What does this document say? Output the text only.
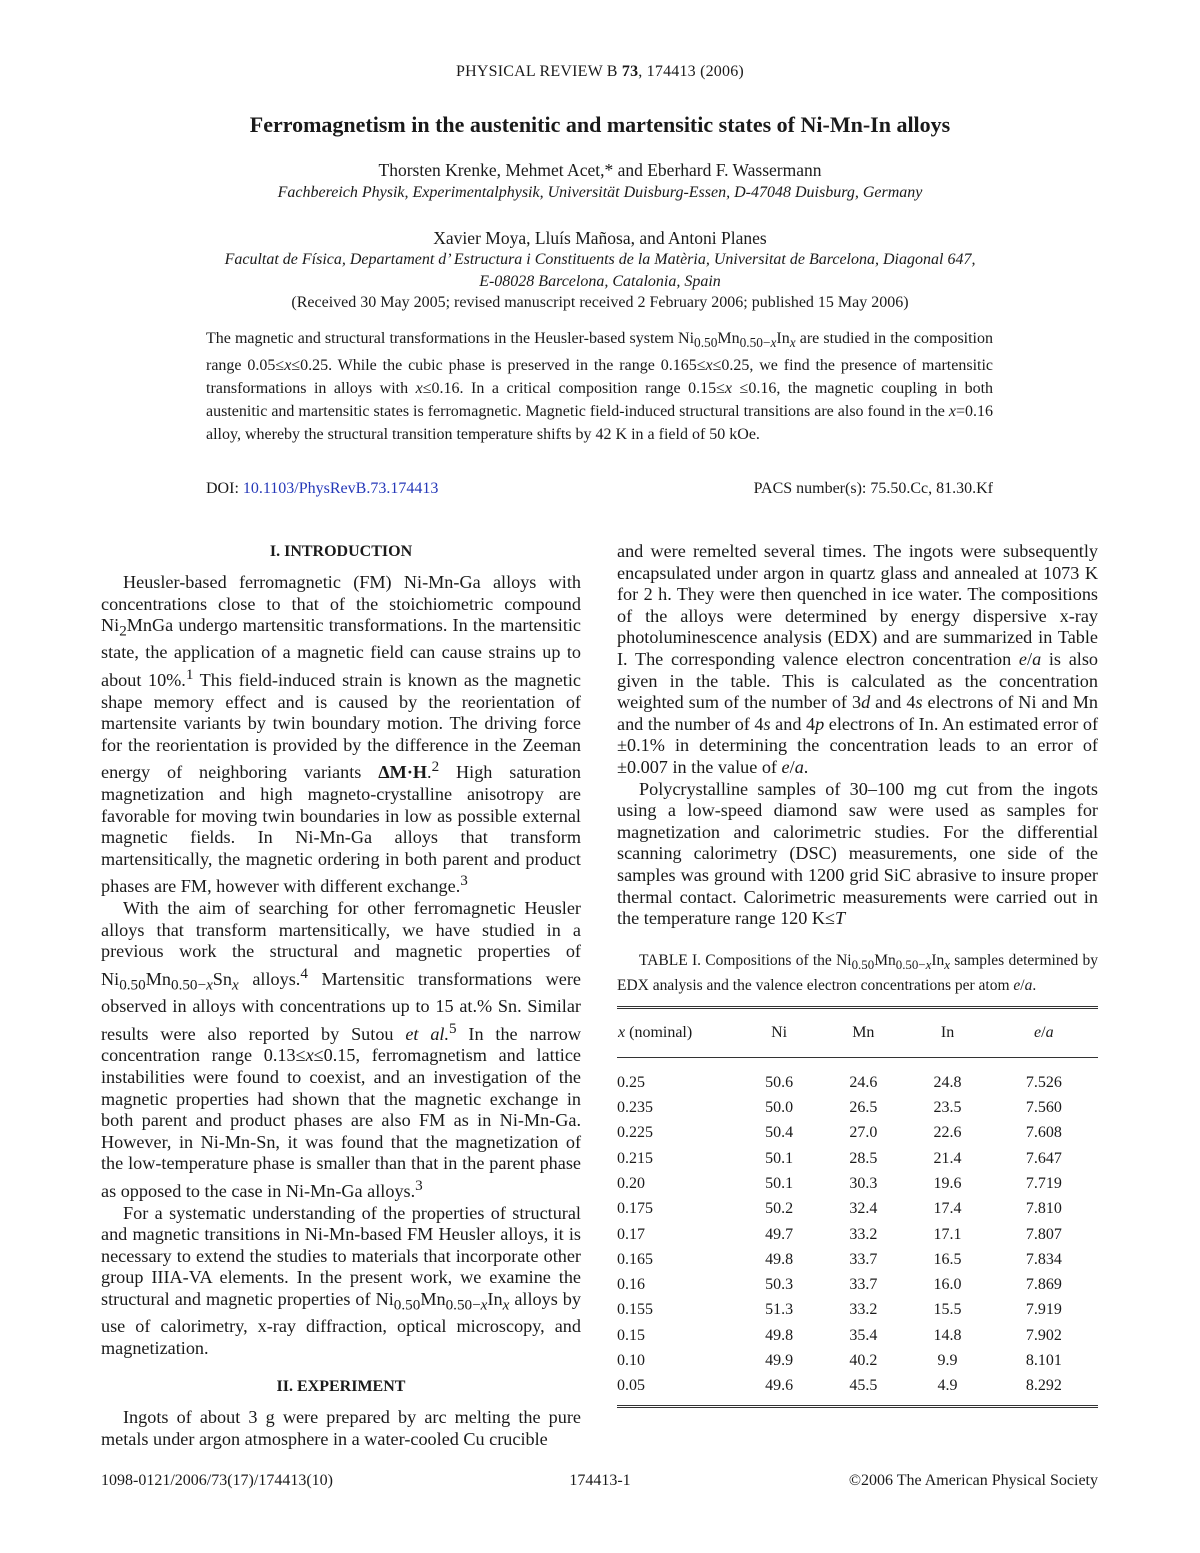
PHYSICAL REVIEW B 73, 174413 (2006)
Ferromagnetism in the austenitic and martensitic states of Ni-Mn-In alloys
Thorsten Krenke, Mehmet Acet,* and Eberhard F. Wassermann
Fachbereich Physik, Experimentalphysik, Universität Duisburg-Essen, D-47048 Duisburg, Germany
Xavier Moya, Lluís Mañosa, and Antoni Planes
Facultat de Física, Departament d’ Estructura i Constituents de la Matèria, Universitat de Barcelona, Diagonal 647,
E-08028 Barcelona, Catalonia, Spain
(Received 30 May 2005; revised manuscript received 2 February 2006; published 15 May 2006)
The magnetic and structural transformations in the Heusler-based system $Ni_{0.50}Mn_{0.50-x}In_x$ are studied in the composition range 0.05≤x≤0.25. While the cubic phase is preserved in the range 0.165≤x≤0.25, we find the presence of martensitic transformations in alloys with x≤0.16. In a critical composition range 0.15≤x ≤0.16, the magnetic coupling in both austenitic and martensitic states is ferromagnetic. Magnetic field-induced structural transitions are also found in the x=0.16 alloy, whereby the structural transition temperature shifts by 42 K in a field of 50 kOe.
DOI: 10.1103/PhysRevB.73.174413	PACS number(s): 75.50.Cc, 81.30.Kf
I. INTRODUCTION

Heusler-based ferromagnetic (FM) Ni-Mn-Ga alloys with concentrations close to that of the stoichiometric compound $Ni_2MnGa$ undergo martensitic transformations. In the martensitic state, the application of a magnetic field can cause strains up to about 10%.$^1$ This field-induced strain is known as the magnetic shape memory effect and is caused by the reorientation of martensite variants by twin boundary motion. The driving force for the reorientation is provided by the difference in the Zeeman energy of neighboring variants ΔM·H.$^2$ High saturation magnetization and high magneto-crystalline anisotropy are favorable for moving twin boundaries in low as possible external magnetic fields. In Ni-Mn-Ga alloys that transform martensitically, the magnetic ordering in both parent and product phases are FM, however with different exchange.$^3$

With the aim of searching for other ferromagnetic Heusler alloys that transform martensitically, we have studied in a previous work the structural and magnetic properties of $Ni_{0.50}Mn_{0.50-x}Sn_x$ alloys.$^4$ Martensitic transformations were observed in alloys with concentrations up to 15 at.% Sn. Similar results were also reported by Sutou et al.$^5$ In the narrow concentration range 0.13≤x≤0.15, ferromagnetism and lattice instabilities were found to coexist, and an investigation of the magnetic properties had shown that the magnetic exchange in both parent and product phases are also FM as in Ni-Mn-Ga. However, in Ni-Mn-Sn, it was found that the magnetization of the low-temperature phase is smaller than that in the parent phase as opposed to the case in Ni-Mn-Ga alloys.$^3$

For a systematic understanding of the properties of structural and magnetic transitions in Ni-Mn-based FM Heusler alloys, it is necessary to extend the studies to materials that incorporate other group IIIA-VA elements. In the present work, we examine the structural and magnetic properties of $Ni_{0.50}Mn_{0.50-x}In_x$ alloys by use of calorimetry, x-ray diffraction, optical microscopy, and magnetization.

II. EXPERIMENT

Ingots of about 3 g were prepared by arc melting the pure metals under argon atmosphere in a water-cooled Cu crucible

and were remelted several times. The ingots were subsequently encapsulated under argon in quartz glass and annealed at 1073 K for 2 h. They were then quenched in ice water. The compositions of the alloys were determined by energy dispersive x-ray photoluminescence analysis (EDX) and are summarized in Table I. The corresponding valence electron concentration e/a is also given in the table. This is calculated as the concentration weighted sum of the number of 3d and 4s electrons of Ni and Mn and the number of 4s and 4p electrons of In. An estimated error of ±0.1% in determining the concentration leads to an error of ±0.007 in the value of e/a.

Polycrystalline samples of 30–100 mg cut from the ingots using a low-speed diamond saw were used as samples for magnetization and calorimetric studies. For the differential scanning calorimetry (DSC) measurements, one side of the samples was ground with 1200 grid SiC abrasive to insure proper thermal contact. Calorimetric measurements were carried out in the temperature range 120 K≤T

TABLE I. Compositions of the $Ni_{0.50}Mn_{0.50-x}In_x$ samples determined by EDX analysis and the valence electron concentrations per atom e/a.
x (nominal)	Ni	Mn	In	e/a
0.25	50.6	24.6	24.8	7.526
0.235	50.0	26.5	23.5	7.560
0.225	50.4	27.0	22.6	7.608
0.215	50.1	28.5	21.4	7.647
0.20	50.1	30.3	19.6	7.719
0.175	50.2	32.4	17.4	7.810
0.17	49.7	33.2	17.1	7.807
0.165	49.8	33.7	16.5	7.834
0.16	50.3	33.7	16.0	7.869
0.155	51.3	33.2	15.5	7.919
0.15	49.8	35.4	14.8	7.902
0.10	49.9	40.2	9.9	8.101
0.05	49.6	45.5	4.9	8.292
1098-0121/2006/73(17)/174413(10)	174413-1	©2006 The American Physical Society
